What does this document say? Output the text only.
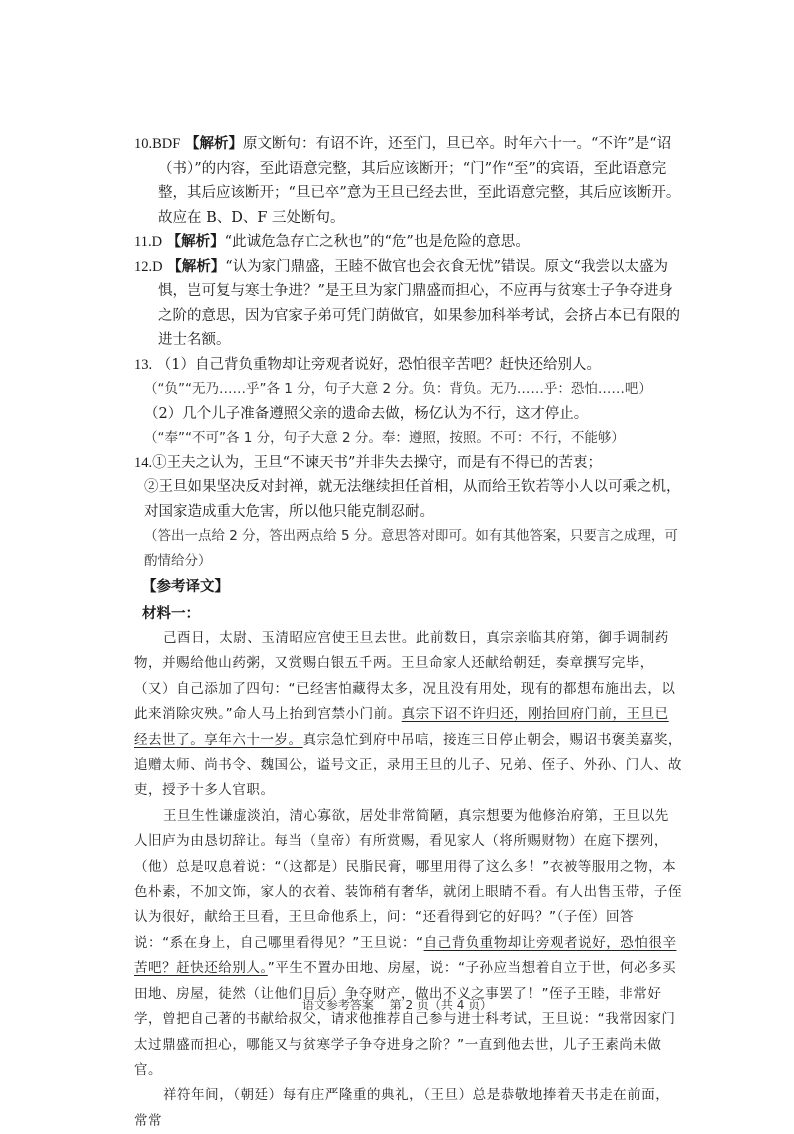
10.BDF 【解析】原文断句：有诏不许，还至门，旦已卒。时年六十一。“不许”是“诏（书）”的内容，至此语意完整，其后应该断开；“门”作“至”的宾语，至此语意完整，其后应该断开；“旦已卒”意为王旦已经去世，至此语意完整，其后应该断开。故应在 B、D、F 三处断句。

11.D 【解析】“此诚危急存亡之秋也”的“危”也是危险的意思。

12.D 【解析】“认为家门鼎盛，王睦不做官也会衣食无忧”错误。原文“我尝以太盛为惧，岂可复与寒士争进？”是王旦为家门鼎盛而担心，不应再与贫寒士子争夺进身之阶的意思，因为官家子弟可凭门荫做官，如果参加科举考试，会挤占本已有限的进士名额。

13. （1）自己背负重物却让旁观者说好，恐怕很辛苦吧？赶快还给别人。

（“负”“无乃……乎”各 1 分，句子大意 2 分。负：背负。无乃……乎：恐怕……吧）

（2）几个儿子准备遵照父亲的遗命去做，杨亿认为不行，这才停止。

（“奉”“不可”各 1 分，句子大意 2 分。奉：遵照，按照。不可：不行，不能够）

14.①王夫之认为，王旦“不谏天书”并非失去操守，而是有不得已的苦衷；

②王旦如果坚决反对封禅，就无法继续担任首相，从而给王钦若等小人以可乘之机，对国家造成重大危害，所以他只能克制忍耐。

（答出一点给 2 分，答出两点给 5 分。意思答对即可。如有其他答案，只要言之成理，可酌情给分）

【参考译文】

材料一：

己酉日，太尉、玉清昭应宫使王旦去世。此前数日，真宗亲临其府第，御手调制药物，并赐给他山药粥，又赏赐白银五千两。王旦命家人还献给朝廷，奏章撰写完毕，（又）自己添加了四句：“已经害怕藏得太多，况且没有用处，现有的都想布施出去，以此来消除灾殃。”命人马上抬到宫禁小门前。真宗下诏不许归还，刚抬回府门前，王旦已经去世了。享年六十一岁。真宗急忙到府中吊唁，接连三日停止朝会，赐诏书褒美嘉奖，追赠太师、尚书令、魏国公，谥号文正，录用王旦的儿子、兄弟、侄子、外孙、门人、故吏，授予十多人官职。

王旦生性谦虚淡泊，清心寡欲，居处非常简陋，真宗想要为他修治府第，王旦以先人旧庐为由恳切辞让。每当（皇帝）有所赏赐，看见家人（将所赐财物）在庭下摆列，（他）总是叹息着说：“（这都是）民脂民膏，哪里用得了这么多！”衣被等服用之物，本色朴素，不加文饰，家人的衣着、装饰稍有奢华，就闭上眼睛不看。有人出售玉带，子侄认为很好，献给王旦看，王旦命他系上，问：“还看得到它的好吗？”（子侄）回答说：“系在身上，自己哪里看得见？”王旦说：“自己背负重物却让旁观者说好，恐怕很辛苦吧？赶快还给别人。”平生不置办田地、房屋，说：“子孙应当想着自立于世，何必多买田地、房屋，徒然（让他们日后）争夺财产，做出不义之事罢了！”侄子王睦，非常好学，曾把自己著的书献给叔父，请求他推荐自己参与进士科考试，王旦说：“我常因家门太过鼎盛而担心，哪能又与贫寒学子争夺进身之阶？”一直到他去世，儿子王素尚未做官。

祥符年间，（朝廷）每有庄严隆重的典礼，（王旦）总是恭敬地捧着天书走在前面，常常

语文参考答案 第 2 页（共 4 页）
